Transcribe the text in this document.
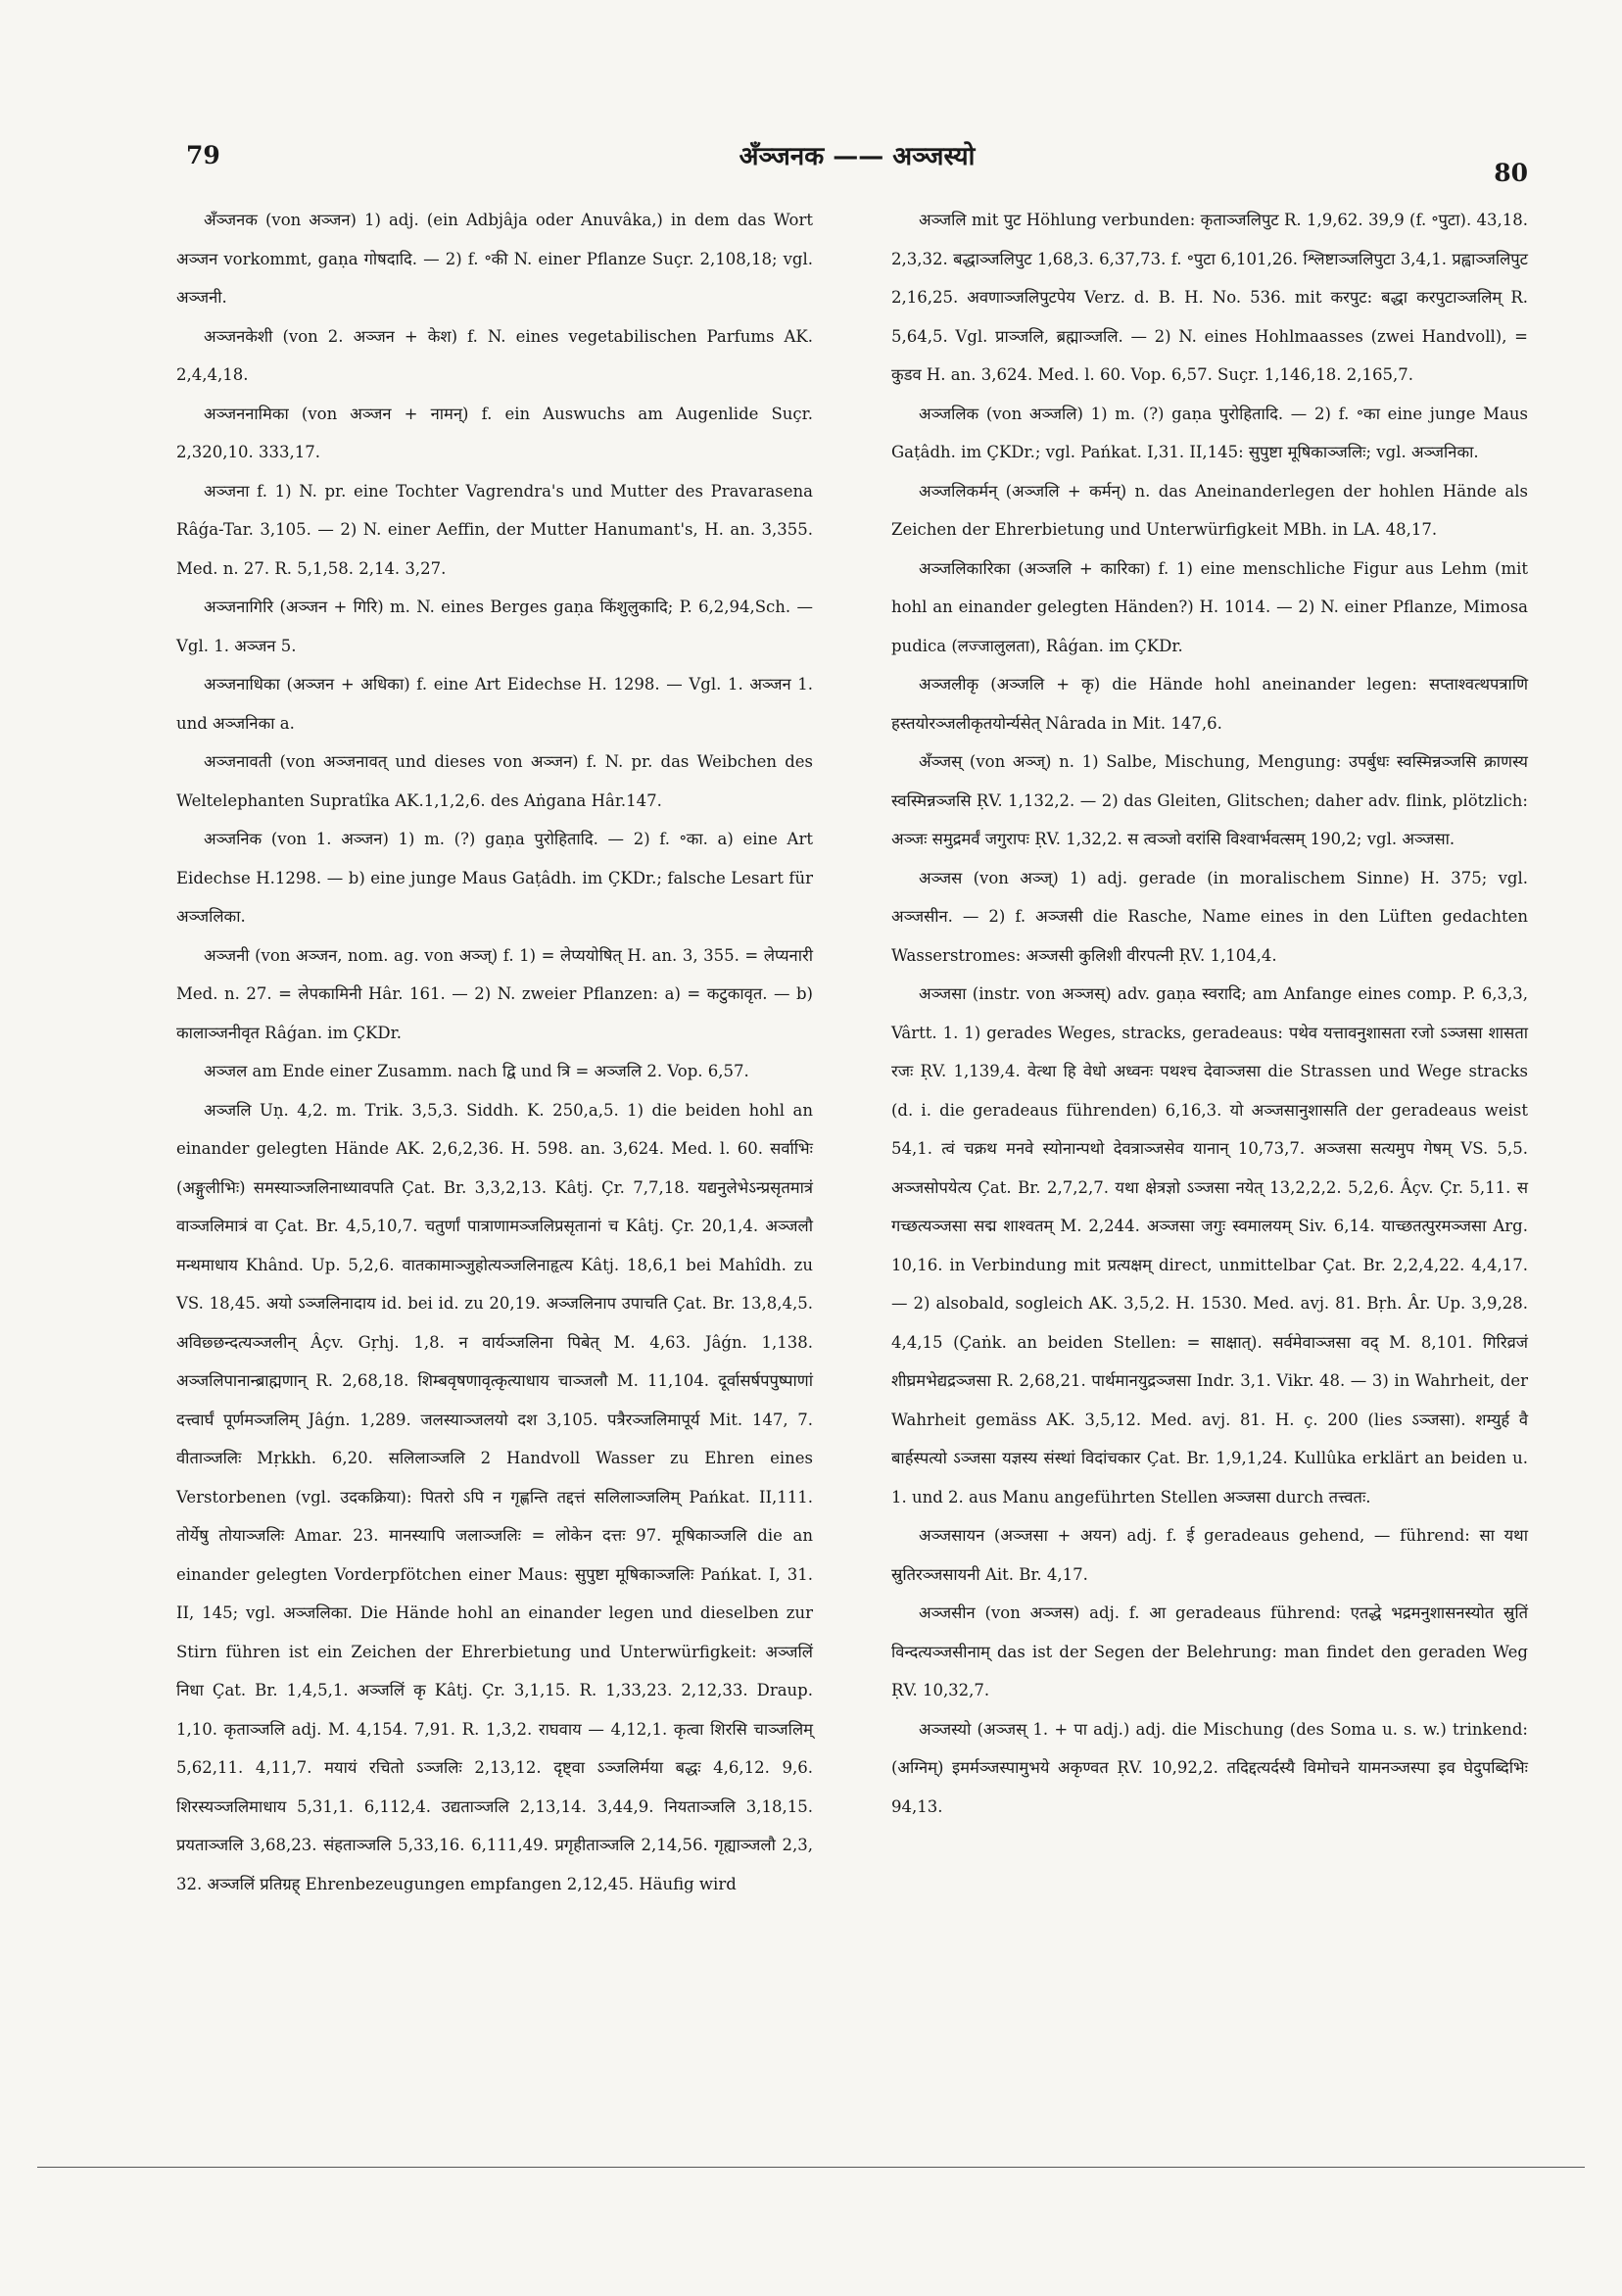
79	अँञ्जनक —— अञ्जस्यो
80

अँञ्जनक (von अञ्जन) 1) adj. (ein Adbjâja oder Anuvâka,) in dem das Wort अञ्जन vorkommt, gaṇa गोषदादि. — 2) f. ॰की N. einer Pflanze Suçr. 2,108,18; vgl. अञ्जनी.

अञ्जनकेशी (von 2. अञ्जन + केश) f. N. eines vegetabilischen Parfums AK. 2,4,4,18.

अञ्जननामिका (von अञ्जन + नामन्) f. ein Auswuchs am Augenlide Suçr. 2,320,10. 333,17.

अञ्जना f. 1) N. pr. eine Tochter Vagrendra's und Mutter des Pravarasena Râǵa-Tar. 3,105. — 2) N. einer Aeffin, der Mutter Hanumant's, H. an. 3,355. Med. n. 27. R. 5,1,58. 2,14. 3,27.

अञ्जनागिरि (अञ्जन + गिरि) m. N. eines Berges gaṇa किंशुलुकादि; P. 6,2,94,Sch. — Vgl. 1. अञ्जन 5.

अञ्जनाधिका (अञ्जन + अधिका) f. eine Art Eidechse H. 1298. — Vgl. 1. अञ्जन 1. und अञ्जनिका a.

अञ्जनावती (von अञ्जनावत् und dieses von अञ्जन) f. N. pr. das Weibchen des Weltelephanten Supratîka AK.1,1,2,6. des Aṅgana Hâr.147.

अञ्जनिक (von 1. अञ्जन) 1) m. (?) gaṇa पुरोहितादि. — 2) f. ॰का. a) eine Art Eidechse H.1298. — b) eine junge Maus Gaṭâdh. im ÇKDr.; falsche Lesart für अञ्जलिका.

अञ्जनी (von अञ्जन, nom. ag. von अञ्ज्) f. 1) = लेप्ययोषित् H. an. 3, 355. = लेप्यनारी Med. n. 27. = लेपकामिनी Hâr. 161. — 2) N. zweier Pflanzen: a) = कटुकावृत. — b) कालाञ्जनीवृत Râǵan. im ÇKDr.

अञ्जल am Ende einer Zusamm. nach द्वि und त्रि = अञ्जलि 2. Vop. 6,57.

अञ्जलि Uṇ. 4,2. m. Trik. 3,5,3. Siddh. K. 250,a,5. 1) die beiden hohl an einander gelegten Hände AK. 2,6,2,36. H. 598. an. 3,624. Med. l. 60. सर्वाभिः (अङ्गुलीभिः) समस्याञ्जलिनाध्यावपति Çat. Br. 3,3,2,13. Kâtj. Çr. 7,7,18. यद्यनुलेभेऽन्प्रसृतमात्रं वाञ्जलिमात्रं वा Çat. Br. 4,5,10,7. चतुर्णां पात्राणामञ्जलिप्रसृतानां च Kâtj. Çr. 20,1,4. अञ्जलौ मन्थमाधाय Khând. Up. 5,2,6. वातकामाञ्जुहोत्यञ्जलिनाहृत्य Kâtj. 18,6,1 bei Mahîdh. zu VS. 18,45. अयो ऽञ्जलिनादाय id. bei id. zu 20,19. अञ्जलिनाप उपाचति Çat. Br. 13,8,4,5. अविछ्छन्दत्यञ्जलीन् Âçv. Gṛhj. 1,8. न वार्यञ्जलिना पिबेत् M. 4,63. Jâǵn. 1,138. अञ्जलिपानान्ब्राह्मणान् R. 2,68,18. शिम्बवृषणावृत्कृत्याधाय चाञ्जलौ M. 11,104. दूर्वासर्षपपुष्पाणां दत्त्वार्घं पूर्णमञ्जलिम् Jâǵn. 1,289. जलस्याञ्जलयो दश 3,105. पत्रैरञ्जलिमापूर्य Mit. 147, 7. वीताञ्जलिः Mṛkkh. 6,20. सलिलाञ्जलि 2 Handvoll Wasser zu Ehren eines Verstorbenen (vgl. उदकक्रिया): पितरो ऽपि न गृह्णन्ति तद्दत्तं सलिलाञ्जलिम् Pańkat. II,111. तोर्येषु तोयाञ्जलिः Amar. 23. मानस्यापि जलाञ्जलिः = लोकेन दत्तः 97. मूषिकाञ्जलि die an einander gelegten Vorderpfötchen einer Maus: सुपुष्टा मूषिकाञ्जलिः Pańkat. I, 31. II, 145; vgl. अञ्जलिका. Die Hände hohl an einander legen und dieselben zur Stirn führen ist ein Zeichen der Ehrerbietung und Unterwürfigkeit: अञ्जलिं निधा Çat. Br. 1,4,5,1. अञ्जलिं कृ Kâtj. Çr. 3,1,15. R. 1,33,23. 2,12,33. Draup. 1,10. कृताञ्जलि adj. M. 4,154. 7,91. R. 1,3,2. राघवाय — 4,12,1. कृत्वा शिरसि चाञ्जलिम् 5,62,11. 4,11,7. मयायं रचितो ऽञ्जलिः 2,13,12. दृष्ट्वा ऽञ्जलिर्मया बद्धः 4,6,12. 9,6. शिरस्यञ्जलिमाधाय 5,31,1. 6,112,4. उद्यताञ्जलि 2,13,14. 3,44,9. नियताञ्जलि 3,18,15. प्रयताञ्जलि 3,68,23. संहताञ्जलि 5,33,16. 6,111,49. प्रगृहीताञ्जलि 2,14,56. गृह्याञ्जलौ 2,3, 32. अञ्जलिं प्रतिग्रह् Ehrenbezeugungen empfangen 2,12,45. Häufig wird

अञ्जलि mit पुट Höhlung verbunden: कृताञ्जलिपुट R. 1,9,62. 39,9 (f. ॰पुटा). 43,18. 2,3,32. बद्धाञ्जलिपुट 1,68,3. 6,37,73. f. ॰पुटा 6,101,26. श्लिष्टाञ्जलिपुटा 3,4,1. प्रह्वाञ्जलिपुट 2,16,25. अवणाञ्जलिपुटपेय Verz. d. B. H. No. 536. mit करपुट: बद्धा करपुटाञ्जलिम् R. 5,64,5. Vgl. प्राञ्जलि, ब्रह्माञ्जलि. — 2) N. eines Hohlmaasses (zwei Handvoll), = कुडव H. an. 3,624. Med. l. 60. Vop. 6,57. Suçr. 1,146,18. 2,165,7.

अञ्जलिक (von अञ्जलि) 1) m. (?) gaṇa पुरोहितादि. — 2) f. ॰का eine junge Maus Gaṭâdh. im ÇKDr.; vgl. Pańkat. I,31. II,145: सुपुष्टा मूषिकाञ्जलिः; vgl. अञ्जनिका.

अञ्जलिकर्मन् (अञ्जलि + कर्मन्) n. das Aneinanderlegen der hohlen Hände als Zeichen der Ehrerbietung und Unterwürfigkeit MBh. in LA. 48,17.

अञ्जलिकारिका (अञ्जलि + कारिका) f. 1) eine menschliche Figur aus Lehm (mit hohl an einander gelegten Händen?) H. 1014. — 2) N. einer Pflanze, Mimosa pudica (लज्जालुलता), Râǵan. im ÇKDr.

अञ्जलीकृ (अञ्जलि + कृ) die Hände hohl aneinander legen: सप्ताश्वत्थपत्राणि हस्तयोरञ्जलीकृतयोर्न्यसेत् Nârada in Mit. 147,6.

अँञ्जस् (von अञ्ज्) n. 1) Salbe, Mischung, Mengung: उपर्बुधः स्वस्मिन्नञ्जसि क्राणस्य स्वस्मिन्नञ्जसि ṚV. 1,132,2. — 2) das Gleiten, Glitschen; daher adv. flink, plötzlich: अञ्जः समुद्रमर्वं जगुरापः ṚV. 1,32,2. स त्वञ्जो वरांसि विश्वार्भवत्सम् 190,2; vgl. अञ्जसा.

अञ्जस (von अञ्ज्) 1) adj. gerade (in moralischem Sinne) H. 375; vgl. अञ्जसीन. — 2) f. अञ्जसी die Rasche, Name eines in den Lüften gedachten Wasserstromes: अञ्जसी कुलिशी वीरपत्नी ṚV. 1,104,4.

अञ्जसा (instr. von अञ्जस्) adv. gaṇa स्वरादि; am Anfange eines comp. P. 6,3,3, Vârtt. 1. 1) gerades Weges, stracks, geradeaus: पथेव यत्तावनुशासता रजो ऽञ्जसा शासता रजः ṚV. 1,139,4. वेत्था हि वेधो अध्वनः पथश्च देवाञ्जसा die Strassen und Wege stracks (d. i. die geradeaus führenden) 6,16,3. यो अञ्जसानुशासति der geradeaus weist 54,1. त्वं चक्रथ मनवे स्योनान्पथो देवत्राञ्जसेव यानान् 10,73,7. अञ्जसा सत्यमुप गेषम् VS. 5,5. अञ्जसोपयेत्य Çat. Br. 2,7,2,7. यथा क्षेत्रज्ञो ऽञ्जसा नयेत् 13,2,2,2. 5,2,6. Âçv. Çr. 5,11. स गच्छत्यञ्जसा सद्म शाश्वतम् M. 2,244. अञ्जसा जगुः स्वमालयम् Siv. 6,14. याच्छतत्पुरमञ्जसा Arg. 10,16. in Verbindung mit प्रत्यक्षम् direct, unmittelbar Çat. Br. 2,2,4,22. 4,4,17. — 2) alsobald, sogleich AK. 3,5,2. H. 1530. Med. avj. 81. Bṛh. Âr. Up. 3,9,28. 4,4,15 (Çaṅk. an beiden Stellen: = साक्षात्). सर्वमेवाञ्जसा वद् M. 8,101. गिरिव्रजं शीघ्रमभेद्यद्रञ्जसा R. 2,68,21. पार्थमानयुद्रञ्जसा Indr. 3,1. Vikr. 48. — 3) in Wahrheit, der Wahrheit gemäss AK. 3,5,12. Med. avj. 81. H. ç. 200 (lies ऽञ्जसा). शम्युर्ह वै बार्हस्पत्यो ऽञ्जसा यज्ञस्य संस्थां विदांचकार Çat. Br. 1,9,1,24. Kullûka erklärt an beiden u. 1. und 2. aus Manu angeführten Stellen अञ्जसा durch तत्त्वतः.

अञ्जसायन (अञ्जसा + अयन) adj. f. ई geradeaus gehend, — führend: सा यथा स्रुतिरञ्जसायनी Ait. Br. 4,17.

अञ्जसीन (von अञ्जस) adj. f. आ geradeaus führend: एतद्धे भद्रमनुशासनस्योत स्रुतिं विन्दत्यञ्जसीनाम् das ist der Segen der Belehrung: man findet den geraden Weg ṚV. 10,32,7.

अञ्जस्यो (अञ्जस् 1. + पा adj.) adj. die Mischung (des Soma u. s. w.) trinkend: (अग्निम्) इमर्मञ्जस्पामुभये अकृण्वत ṚV. 10,92,2. तदिद्दत्यर्दस्यै विमोचने यामनञ्जस्पा इव घेदुपब्दिभिः 94,13.
